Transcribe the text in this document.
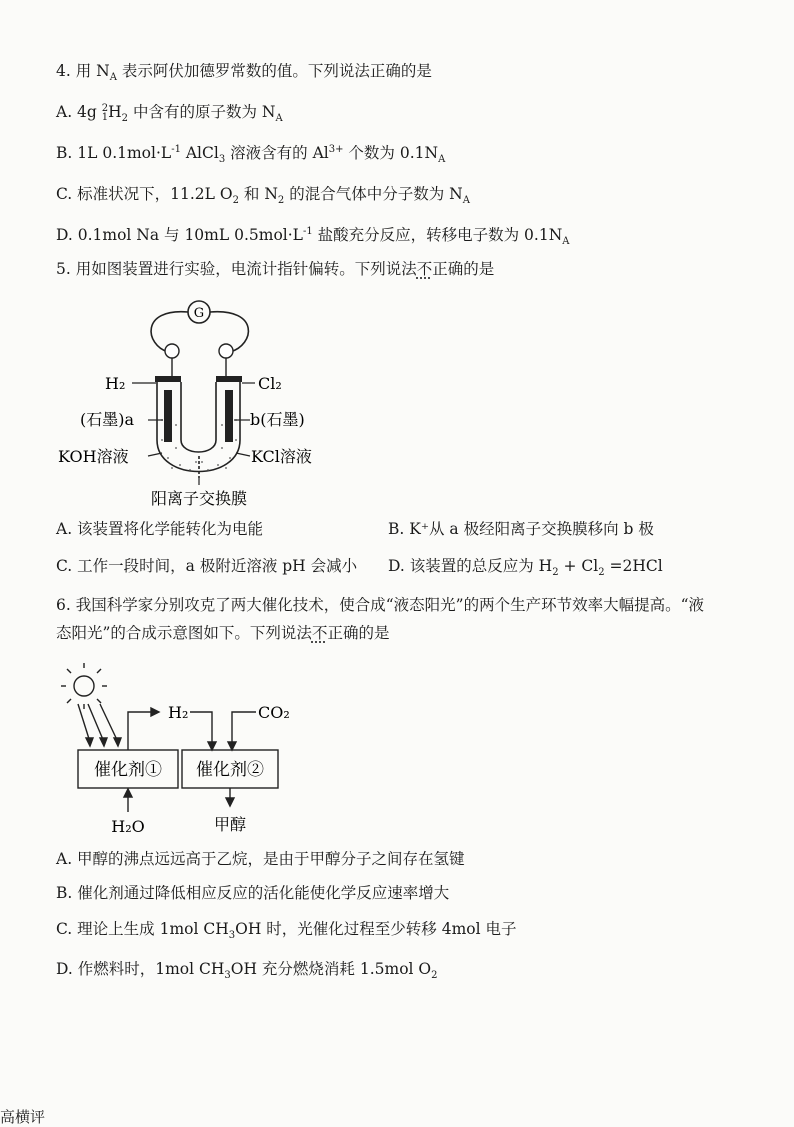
4. 用 $N_A$ 表示阿伏加德罗常数的值。下列说法正确的是
A. 4g 2
$1H_2$ 中含有的原子数为 $N_A$
B. 1L $0.1mol\cdot L^{-1}$ AlCl$_3$ 溶液含有的 $Al^{3+}$ 个数为 $0.1N_A$
C. 标准状况下，11.2L $O_2$ 和 $N_2$ 的混合气体中分子数为 $N_A$
D. 0.1mol Na 与 10mL $0.5mol\cdot L^{-1}$ 盐酸充分反应，转移电子数为 $0.1N_A$
5. 用如图装置进行实验，电流计指针偏转。下列说法不正确的是
G
H₂	Cl₂
(石墨)a	b(石墨)
KOH溶液	KCl溶液
阳离子交换膜
A. 该装置将化学能转化为电能	B. K⁺从 a 极经阳离子交换膜移向 b 极
C. 工作一段时间，a 极附近溶液 pH 会减小 D. 该装置的总反应为 $H_2 + Cl_2 =2HCl$
6. 我国科学家分别攻克了两大催化技术，使合成“液态阳光”的两个生产环节效率大幅提高。“液
态阳光”的合成示意图如下。下列说法不正确的是
催化剂① 催化剂②
H₂	CO₂
H₂O	甲醇
A. 甲醇的沸点远远高于乙烷，是由于甲醇分子之间存在氢键
B. 催化剂通过降低相应反应的活化能使化学反应速率增大
C. 理论上生成 1mol $CH_3OH$ 时，光催化过程至少转移 4mol 电子
D. 作燃料时，1mol $CH_3OH$ 充分燃烧消耗 1.5mol $O_2$
高横评
